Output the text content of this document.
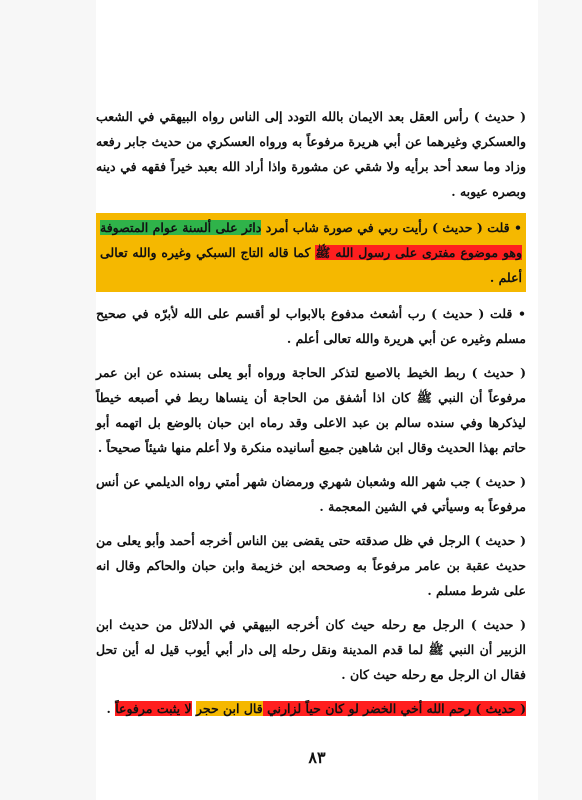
( حديث ) رأس العقل بعد الايمان بالله التودد إلى الناس رواه البيهقي في الشعب والعسكري وغيرهما عن أبي هريرة مرفوعاً به ورواه العسكري من حديث جابر رفعه وزاد وما سعد أحد برأيه ولا شقي عن مشورة واذا أراد الله بعبد خيراً فقهه في دينه وبصره عيوبه .

• قلت ( حديث ) رأيت ربي في صورة شاب أمرد دائر على ألسنة عوام المتصوفة وهو موضوع مفترى على رسول الله ﷺ كما قاله التاج السبكي وغيره والله تعالى أعلم .

• قلت ( حديث ) رب أشعث مدفوع بالابواب لو أقسم على الله لأبرّه في صحيح مسلم وغيره عن أبي هريرة والله تعالى أعلم .

( حديث ) ربط الخيط بالاصبع لتذكر الحاجة ورواه أبو يعلى بسنده عن ابن عمر مرفوعاً أن النبي ﷺ كان اذا أشفق من الحاجة أن ينساها ربط في أصبعه خيطاً ليذكرها وفي سنده سالم بن عبد الاعلى وقد رماه ابن حبان بالوضع بل اتهمه أبو حاتم بهذا الحديث وقال ابن شاهين جميع أسانيده منكرة ولا أعلم منها شيئاً صحيحاً .

( حديث ) جب شهر الله وشعبان شهري ورمضان شهر أمتي رواه الديلمي عن أنس مرفوعاً به وسيأتي في الشين المعجمة .

( حديث ) الرجل في ظل صدقته حتى يقضى بين الناس أخرجه أحمد وأبو يعلى من حديث عقبة بن عامر مرفوعاً به وصححه ابن خزيمة وابن حبان والحاكم وقال انه على شرط مسلم .

( حديث ) الرجل مع رحله حيث كان أخرجه البيهقي في الدلائل من حديث ابن الزبير أن النبي ﷺ لما قدم المدينة ونقل رحله إلى دار أبي أيوب قيل له أين تحل فقال ان الرجل مع رحله حيث كان .

( حديث ) رحم الله أخي الخضر لو كان حياً لزارني قال ابن حجر لا يثبت مرفوعاً .

٨٣
